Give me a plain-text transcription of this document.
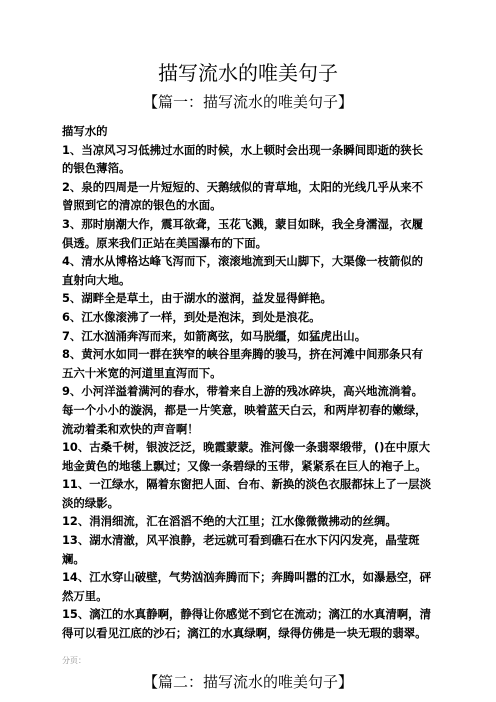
描写流水的唯美句子
【篇一：描写流水的唯美句子】

描写水的

1、当凉风习习低拂过水面的时候，水上顿时会出现一条瞬间即逝的狭长的银色薄箔。

2、泉的四周是一片短短的、天鹅绒似的青草地，太阳的光线几乎从来不曾照到它的清凉的银色的水面。

3、那时崩潮大作，震耳欲聋，玉花飞溅，蒙目如眯，我全身濡湿，衣履俱透。原来我们正站在美国瀑布的下面。

4、清水从博格达峰飞泻而下，滚滚地流到天山脚下，大渠像一枝箭似的直射向大地。

5、湖畔全是草土，由于湖水的滋润，益发显得鲜艳。

6、江水像滚沸了一样，到处是泡沫，到处是浪花。

7、江水汹涌奔泻而来，如箭离弦，如马脱缰，如猛虎出山。

8、黄河水如同一群在狭窄的峡谷里奔腾的骏马，挤在河滩中间那条只有五六十米宽的河道里直泻而下。

9、小河洋溢着满河的春水，带着来自上游的残冰碎块，高兴地流淌着。每一个小小的漩涡，都是一片笑意，映着蓝天白云，和两岸初春的嫩绿，流动着柔和欢快的声音啊！

10、古桑千树，银波泛泛，晚霞蒙蒙。淮河像一条翡翠缎带，()在中原大地金黄色的地毯上飘过；又像一条碧绿的玉带，紧紧系在巨人的袍子上。

11、一江绿水，隔着东窗把人面、台布、新换的淡色衣服都抹上了一层淡淡的绿影。

12、涓涓细流，汇在滔滔不绝的大江里；江水像微微拂动的丝绸。

13、湖水清澈，风平浪静，老远就可看到礁石在水下闪闪发亮，晶莹斑斓。

14、江水穿山破壁，气势汹汹奔腾而下；奔腾叫嚣的江水，如瀑悬空，砰然万里。

15、漓江的水真静啊，静得让你感觉不到它在流动；漓江的水真清啊，清得可以看见江底的沙石；漓江的水真绿啊，绿得仿佛是一块无瑕的翡翠。

分页：
【篇二：描写流水的唯美句子】
